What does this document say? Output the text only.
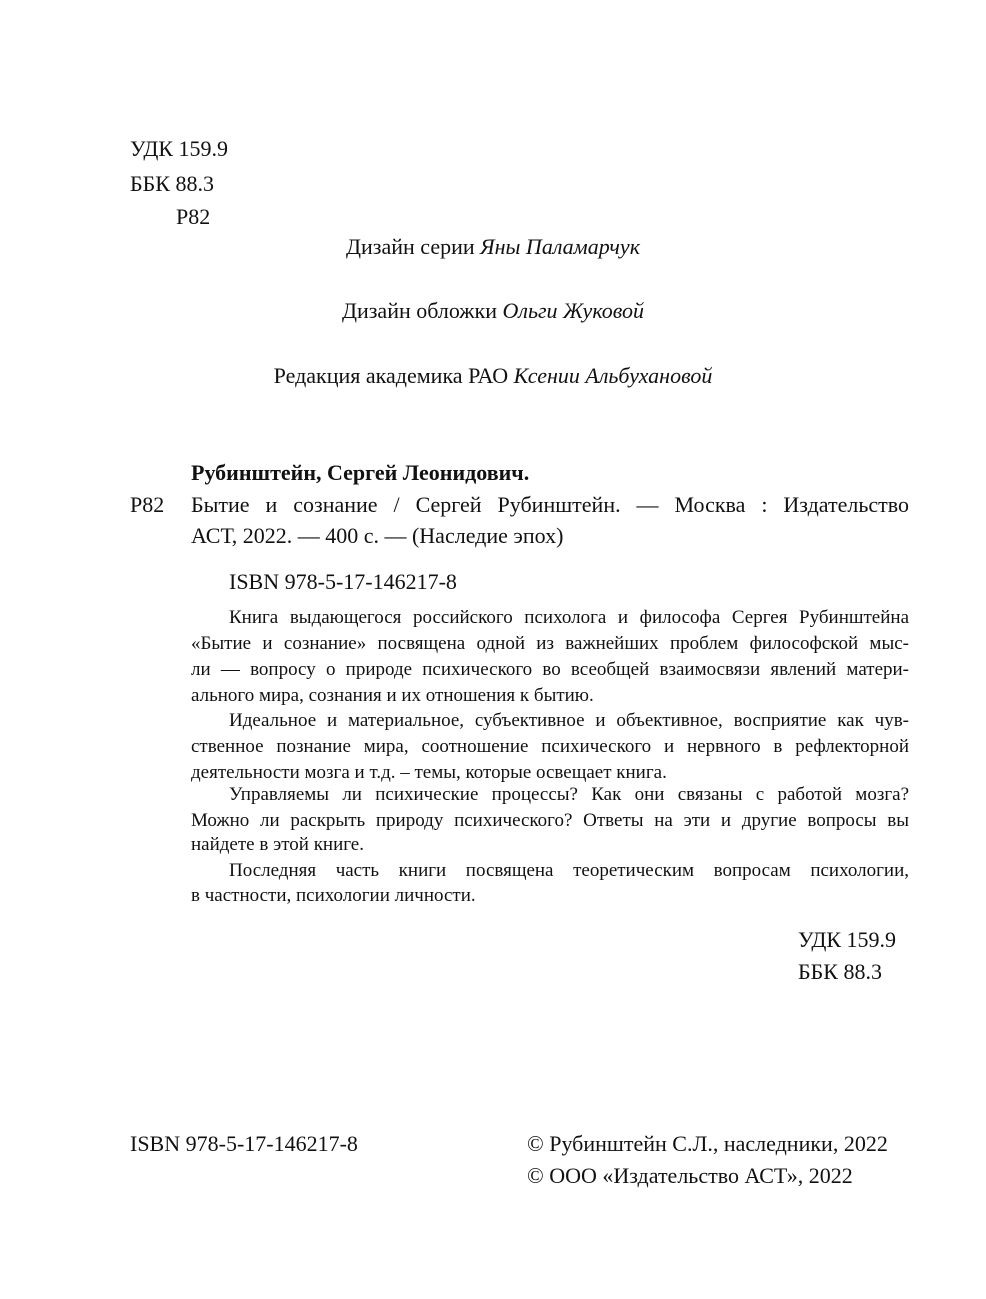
УДК 159.9
ББК 88.3
Р82
Дизайн серии Яны Паламарчук
Дизайн обложки Ольги Жуковой
Редакция академика РАО Ксении Альбухановой
Рубинштейн, Сергей Леонидович.
Р82 Бытие и сознание / Сергей Рубинштейн. — Москва : Издательство
АСТ, 2022. — 400 с. — (Наследие эпох)
ISBN 978-5-17-146217-8
Книга выдающегося российского психолога и философа Сергея Рубинштейна
«Бытие и сознание» посвящена одной из важнейших проблем философской мыс-
ли — вопросу о природе психического во всеобщей взаимосвязи явлений матери-
ального мира, сознания и их отношения к бытию.
Идеальное и материальное, субъективное и объективное, восприятие как чув-
ственное познание мира, соотношение психического и нервного в рефлекторной
деятельности мозга и т.д. – темы, которые освещает книга.
Управляемы ли психические процессы? Как они связаны с работой мозга?
Можно ли раскрыть природу психического? Ответы на эти и другие вопросы вы
найдете в этой книге.
Последняя часть книги посвящена теоретическим вопросам психологии,
в частности, психологии личности.
УДК 159.9
ББК 88.3
ISBN 978-5-17-146217-8	© Рубинштейн С.Л., наследники, 2022
© ООО «Издательство АСТ», 2022
